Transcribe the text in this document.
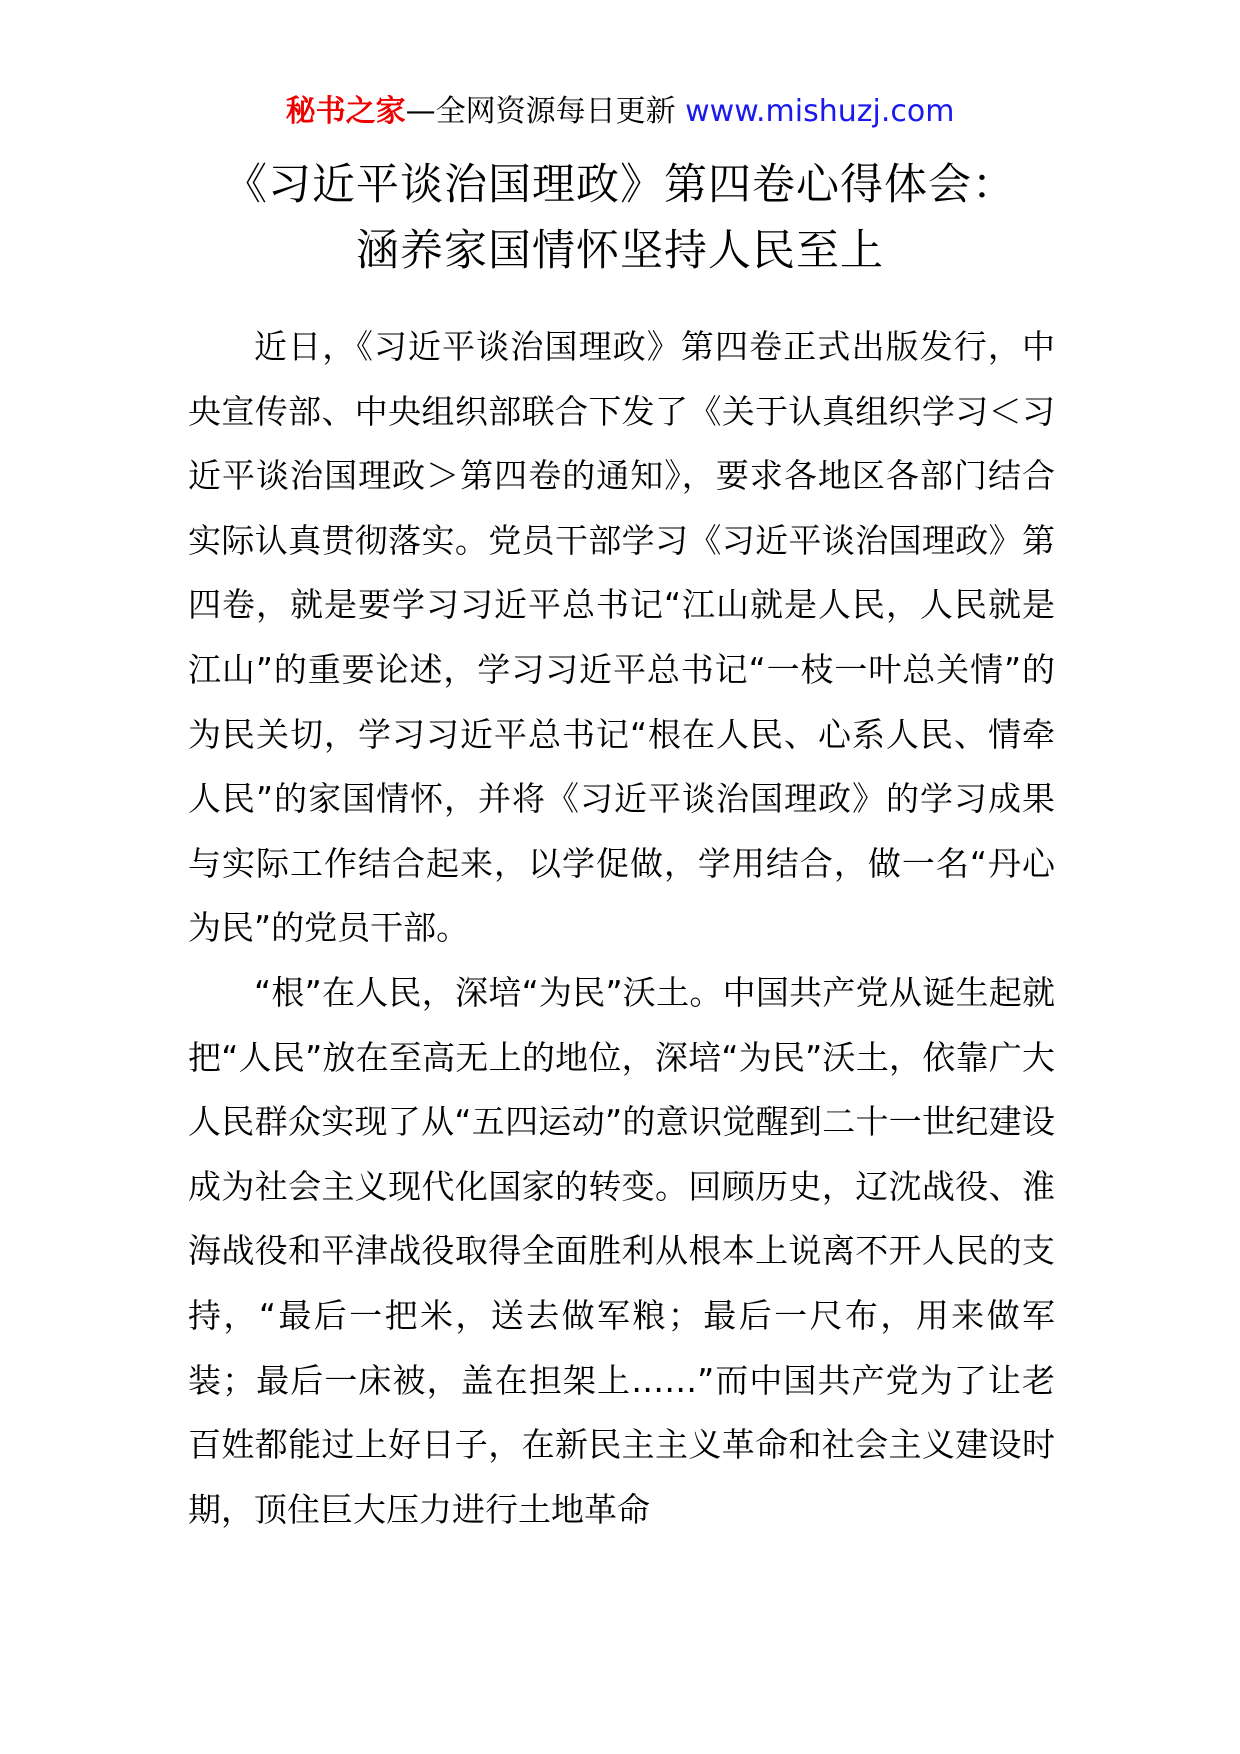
秘书之家—全网资源每日更新 www.mishuzj.com
《习近平谈治国理政》第四卷心得体会：
涵养家国情怀坚持人民至上

近日，《习近平谈治国理政》第四卷正式出版发行，中央宣传部、中央组织部联合下发了《关于认真组织学习＜习近平谈治国理政＞第四卷的通知》，要求各地区各部门结合实际认真贯彻落实。党员干部学习《习近平谈治国理政》第四卷，就是要学习习近平总书记“江山就是人民，人民就是江山”的重要论述，学习习近平总书记“一枝一叶总关情”的为民关切，学习习近平总书记“根在人民、心系人民、情牵人民”的家国情怀，并将《习近平谈治国理政》的学习成果与实际工作结合起来，以学促做，学用结合，做一名“丹心为民”的党员干部。

“根”在人民，深培“为民”沃土。中国共产党从诞生起就把“人民”放在至高无上的地位，深培“为民”沃土，依靠广大人民群众实现了从“五四运动”的意识觉醒到二十一世纪建设成为社会主义现代化国家的转变。回顾历史，辽沈战役、淮海战役和平津战役取得全面胜利从根本上说离不开人民的支持，“最后一把米，送去做军粮；最后一尺布，用来做军装；最后一床被，盖在担架上……”而中国共产党为了让老百姓都能过上好日子，在新民主主义革命和社会主义建设时期，顶住巨大压力进行土地革命
